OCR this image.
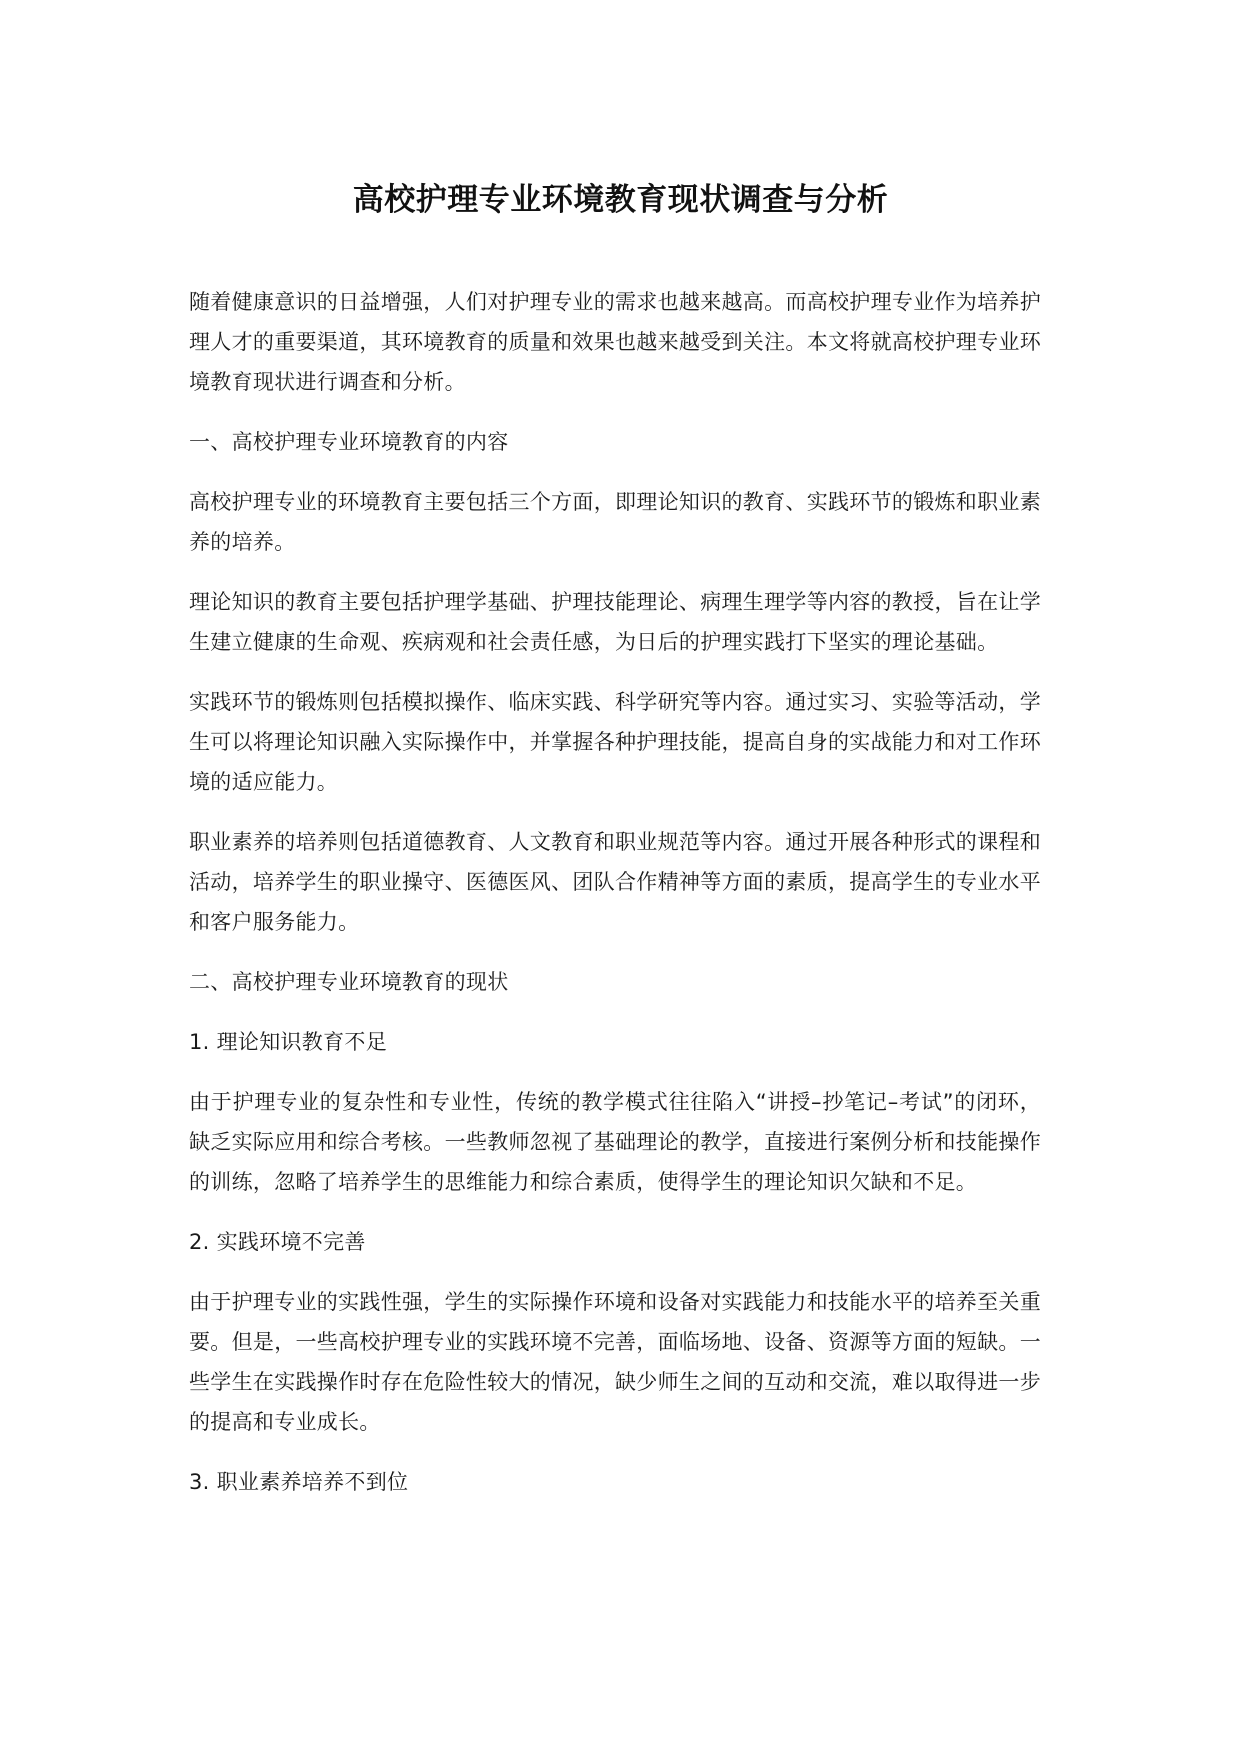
高校护理专业环境教育现状调查与分析

随着健康意识的日益增强，人们对护理专业的需求也越来越高。而高校护理专业作为培养护理人才的重要渠道，其环境教育的质量和效果也越来越受到关注。本文将就高校护理专业环境教育现状进行调查和分析。

一、高校护理专业环境教育的内容

高校护理专业的环境教育主要包括三个方面，即理论知识的教育、实践环节的锻炼和职业素养的培养。

理论知识的教育主要包括护理学基础、护理技能理论、病理生理学等内容的教授，旨在让学生建立健康的生命观、疾病观和社会责任感，为日后的护理实践打下坚实的理论基础。

实践环节的锻炼则包括模拟操作、临床实践、科学研究等内容。通过实习、实验等活动，学生可以将理论知识融入实际操作中，并掌握各种护理技能，提高自身的实战能力和对工作环境的适应能力。

职业素养的培养则包括道德教育、人文教育和职业规范等内容。通过开展各种形式的课程和活动，培养学生的职业操守、医德医风、团队合作精神等方面的素质，提高学生的专业水平和客户服务能力。

二、高校护理专业环境教育的现状

1. 理论知识教育不足

由于护理专业的复杂性和专业性，传统的教学模式往往陷入“讲授–抄笔记–考试”的闭环，缺乏实际应用和综合考核。一些教师忽视了基础理论的教学，直接进行案例分析和技能操作的训练，忽略了培养学生的思维能力和综合素质，使得学生的理论知识欠缺和不足。

2. 实践环境不完善

由于护理专业的实践性强，学生的实际操作环境和设备对实践能力和技能水平的培养至关重要。但是，一些高校护理专业的实践环境不完善，面临场地、设备、资源等方面的短缺。一些学生在实践操作时存在危险性较大的情况，缺少师生之间的互动和交流，难以取得进一步的提高和专业成长。

3. 职业素养培养不到位
